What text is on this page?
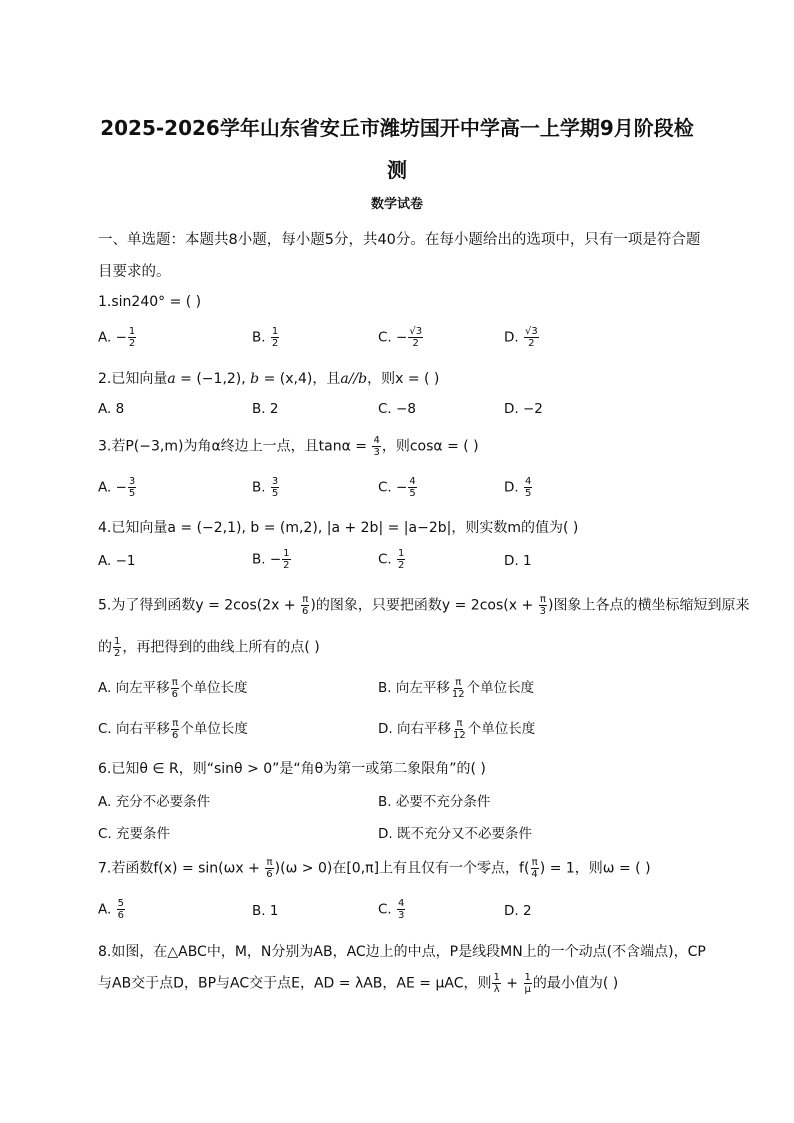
2025-2026学年山东省安丘市潍坊国开中学高一上学期9月阶段检
测
数学试卷
一、单选题：本题共8小题，每小题5分，共40分。在每小题给出的选项中，只有一项是符合题
目要求的。
1.sin240° = ( )
A. − $\frac{1}{2}$	B. $\frac{1}{2}$	C. − $\frac{√3}{2}$	D. $\frac{√3}{2}$
2.已知向量a = (−1,2), b = (x,4)，且a//b，则x = ( )
A. 8	B. 2	C. −8	D. −2
3.若P(−3,m)为角α终边上一点，且$\tan\alpha = \frac{4}{3}$ ，则cosα = ( )
A. − $\frac{3}{5}$	B. $\frac{3}{5}$	C. − $\frac{4}{5}$	D. $\frac{4}{5}$
4.已知向量a = (−2,1), b = (m,2), |a + 2b| = |a−2b|，则实数m的值为( )
A. −1	B. − $\frac{1}{2}$	C. $\frac{1}{2}$	D. 1
5.为了得到函数$y = 2\cos(2x + \frac{\pi}{6}$ )的图象，只要把函数$y = 2\cos(x + \frac{\pi}{3}$ )图象上各点的横坐标缩短到原来
的 $\frac{1}{2}$ ，再把得到的曲线上所有的点( )
A. 向左平移 $\frac{\pi}{6}$ 个单位长度	B. 向左平移 $\frac{\pi}{12}$ 个单位长度
C. 向右平移 $\frac{\pi}{6}$ 个单位长度	D. 向右平移 $\frac{\pi}{12}$ 个单位长度
6.已知θ ∈ R，则“sinθ > 0”是“角θ为第一或第二象限角”的( )
A. 充分不必要条件	B. 必要不充分条件
C. 充要条件	D. 既不充分又不必要条件
7.若函数$f(x) = \sin(\omega x + \frac{\pi}{6} )(\omega > 0)$在[0,π]上有且仅有一个零点，$f( \frac{\pi}{4}$ ) = 1，则ω = ( )
A. $\frac{5}{6}$	B. 1	C. $\frac{4}{3}$	D. 2
8.如图，在△ABC中，M，N分别为AB，AC边上的中点，P是线段MN上的一个动点(不含端点)，CP
与AB交于点D，BP与AC交于点E，AD = λAB，AE = μAC，则 $\frac{1}{\lambda} + \frac{1}{\mu}$ 的最小值为( )
